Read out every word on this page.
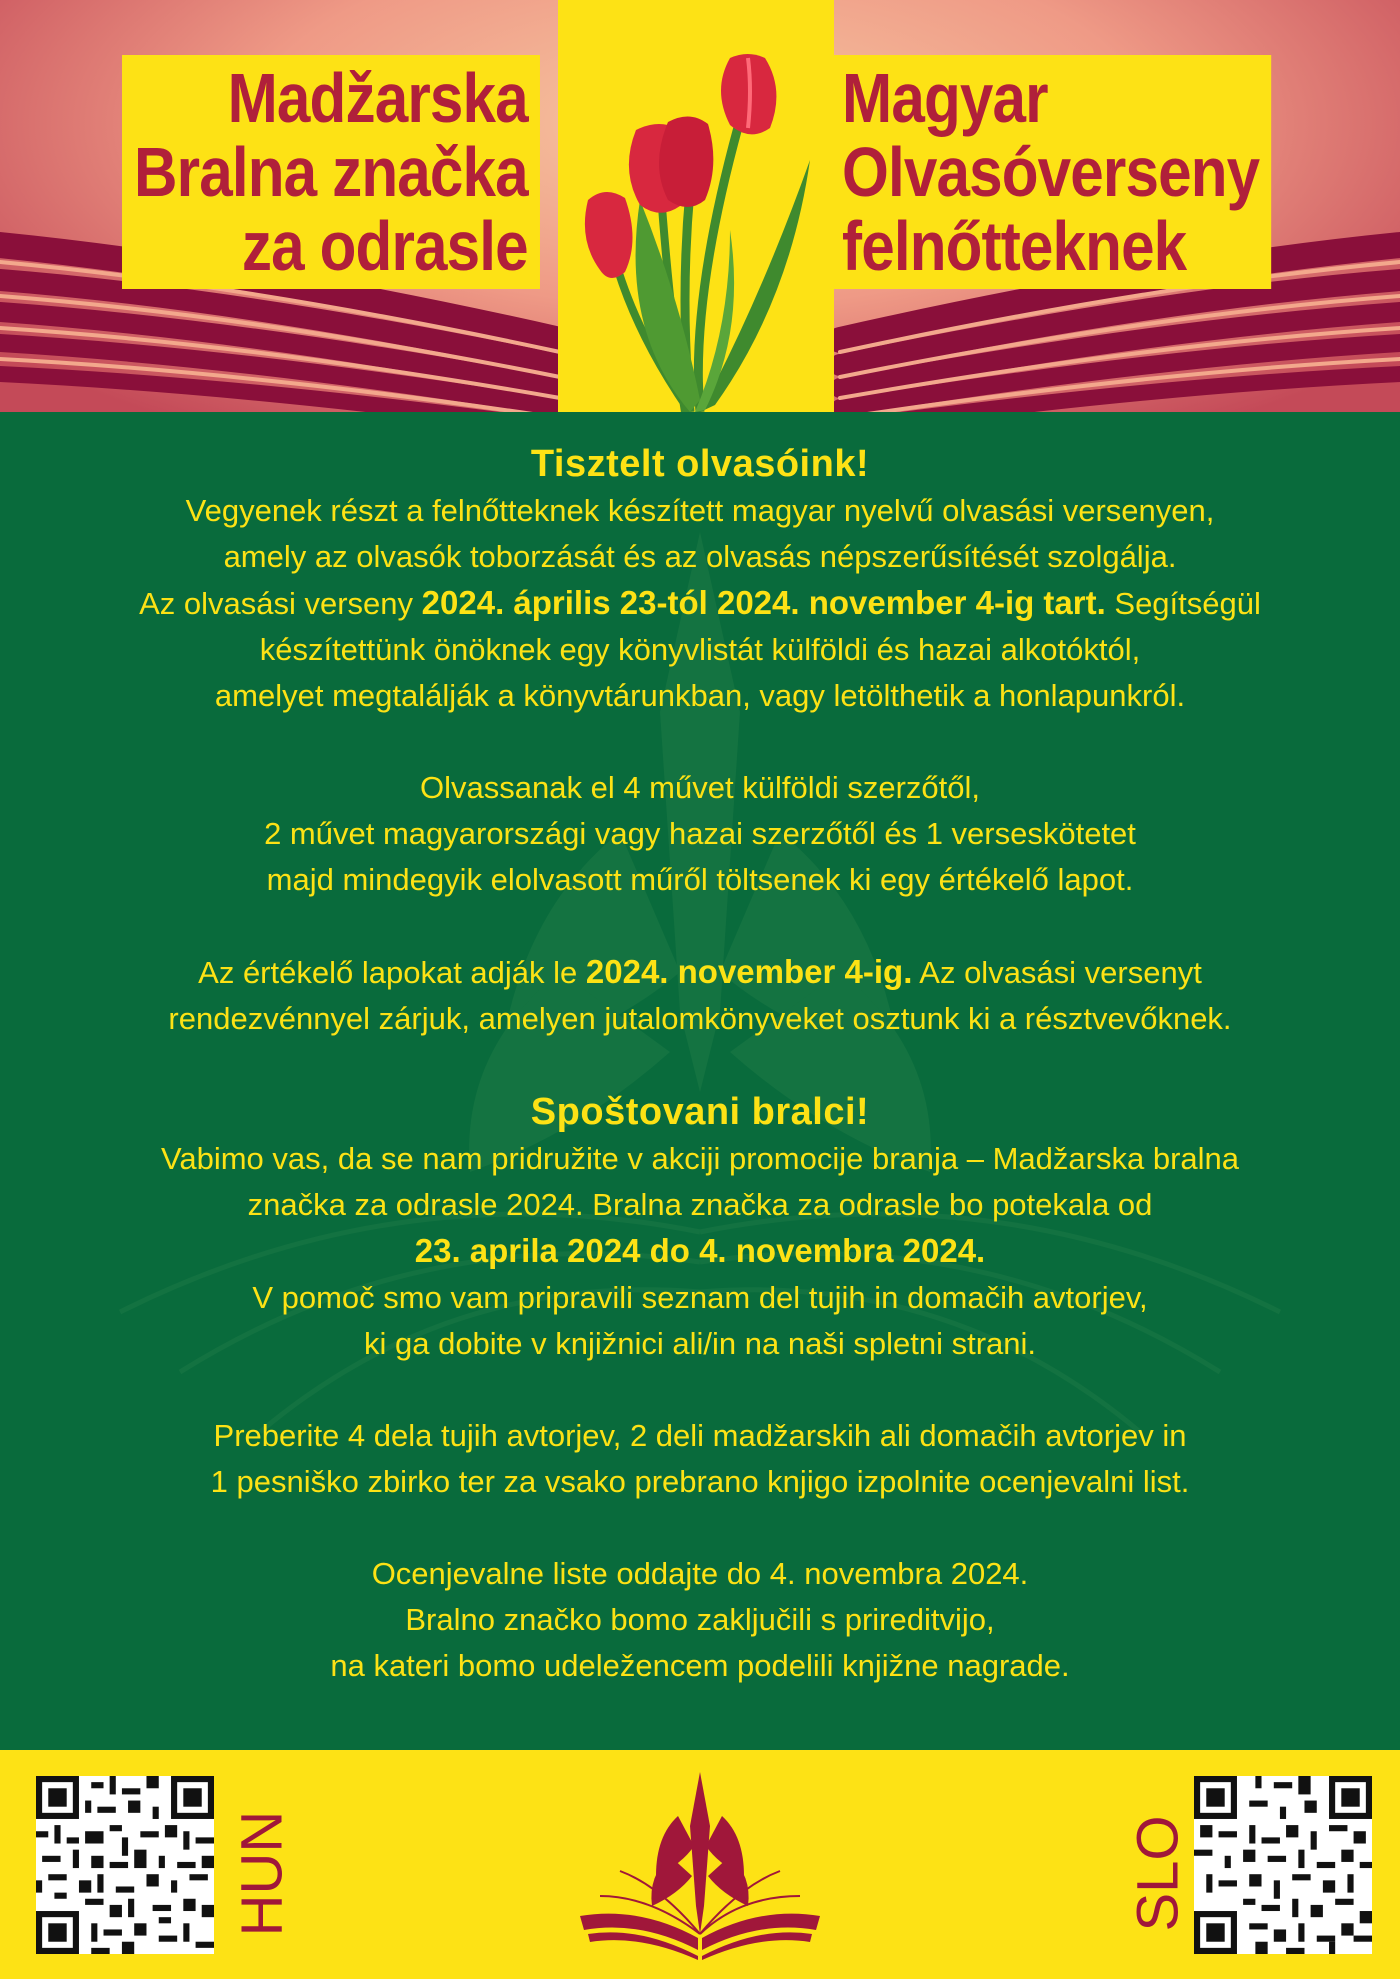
Madžarska
Bralna značka
za odrasle
Magyar
Olvasóverseny
felnőtteknek
Tisztelt olvasóink!
Vegyenek részt a felnőtteknek készített magyar nyelvű olvasási versenyen,
amely az olvasók toborzását és az olvasás népszerűsítését szolgálja.
Az olvasási verseny 2024. április 23-tól 2024. november 4-ig tart. Segítségül
készítettünk önöknek egy könyvlistát külföldi és hazai alkotóktól,
amelyet megtalálják a könyvtárunkban, vagy letölthetik a honlapunkról.
Olvassanak el 4 művet külföldi szerzőtől,
2 művet magyarországi vagy hazai szerzőtől és 1 verseskötetet
majd mindegyik elolvasott műről töltsenek ki egy értékelő lapot.
Az értékelő lapokat adják le 2024. november 4-ig. Az olvasási versenyt
rendezvénnyel zárjuk, amelyen jutalomkönyveket osztunk ki a résztvevőknek.
Spoštovani bralci!
Vabimo vas, da se nam pridružite v akciji promocije branja – Madžarska bralna
značka za odrasle 2024. Bralna značka za odrasle bo potekala od
23. aprila 2024 do 4. novembra 2024.
V pomoč smo vam pripravili seznam del tujih in domačih avtorjev,
ki ga dobite v knjižnici ali/in na naši spletni strani.
Preberite 4 dela tujih avtorjev, 2 deli madžarskih ali domačih avtorjev in
1 pesniško zbirko ter za vsako prebrano knjigo izpolnite ocenjevalni list.
Ocenjevalne liste oddajte do 4. novembra 2024.
Bralno značko bomo zaključili s prireditvijo,
na kateri bomo udeležencem podelili knjižne nagrade.
HUN	SLO
